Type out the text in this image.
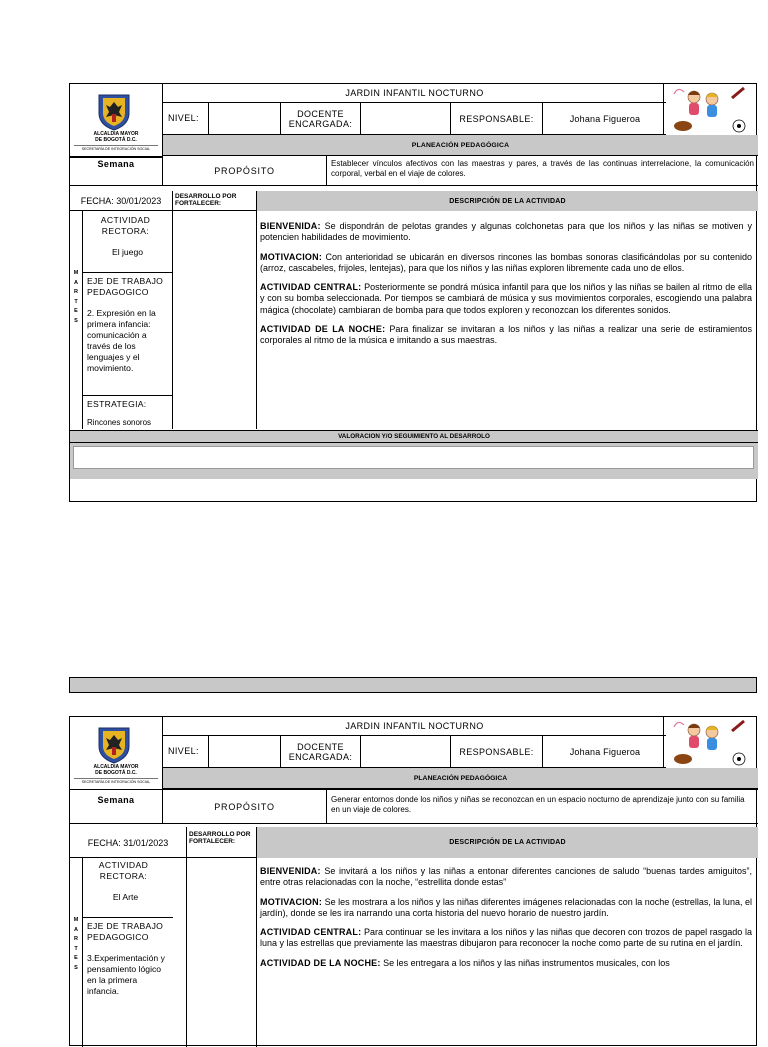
ALCALDIA MAYOR
DE BOGOTÁ D.C.
SECRETARÍA DE INTEGRACIÓN SOCIAL
JARDIN INFANTIL NOCTURNO
NIVEL:	DOCENTE ENCARGADA:	RESPONSABLE:	Johana Figueroa
PLANEACIÓN PEDAGÓGICA
Semana
PROPÓSITO
Establecer vínculos afectivos con las maestras y pares, a través de las continuas interrelacione, la comunicación corporal, verbal en el viaje de colores.
FECHA: 30/01/2023	DESARROLLO POR FORTALECER:	DESCRIPCIÓN DE LA ACTIVIDAD
M
A
R
T
E
S
ACTIVIDAD RECTORA:
El juego
EJE DE TRABAJO PEDAGOGICO
2. Expresión en la primera infancia: comunicación a través de los lenguajes y el movimiento.
ESTRATEGIA:
Rincones sonoros

BIENVENIDA: Se dispondrán de pelotas grandes y algunas colchonetas para que los niños y las niñas se motiven y potencien habilidades de movimiento.

MOTIVACION: Con anterioridad se ubicarán en diversos rincones las bombas sonoras clasificándolas por su contenido (arroz, cascabeles, frijoles, lentejas), para que los niños y las niñas exploren libremente cada uno de ellos.

ACTIVIDAD CENTRAL: Posteriormente se pondrá música infantil para que los niños y las niñas se bailen al ritmo de ella y con su bomba seleccionada. Por tiempos se cambiará de música y sus movimientos corporales, escogiendo una palabra mágica (chocolate) cambiaran de bomba para que todos exploren y reconozcan los diferentes sonidos.

ACTIVIDAD DE LA NOCHE: Para finalizar se invitaran a los niños y las niñas a realizar una serie de estiramientos corporales al ritmo de la música e imitando a sus maestras.

VALORACION Y/O SEGUIMIENTO AL DESARROLO
ALCALDIA MAYOR
DE BOGOTÁ D.C.
SECRETARÍA DE INTEGRACIÓN SOCIAL
JARDIN INFANTIL NOCTURNO
NIVEL:	DOCENTE ENCARGADA:	RESPONSABLE:	Johana Figueroa
PLANEACIÓN PEDAGÓGICA
Semana
PROPÓSITO
Generar entornos donde los niños y niñas se reconozcan en un espacio nocturno de aprendizaje junto con su familia en un viaje de colores.
FECHA: 31/01/2023
DESARROLLO POR FORTALECER:	DESCRIPCIÓN DE LA ACTIVIDAD
M
A
R
T
E
S
ACTIVIDAD RECTORA:
El Arte
EJE DE TRABAJO PEDAGOGICO
3.Experimentación y pensamiento lógico en la primera infancia.

BIENVENIDA: Se invitará a los niños y las niñas a entonar diferentes canciones de saludo “buenas tardes amiguitos”, entre otras relacionadas con la noche, “estrellita donde estas”

MOTIVACION: Se les mostrara a los niños y las niñas diferentes imágenes relacionadas con la noche (estrellas, la luna, el jardín), donde se les ira narrando una corta historia del nuevo horario de nuestro jardín.

ACTIVIDAD CENTRAL: Para continuar se les invitara a los niños y las niñas que decoren con trozos de papel rasgado la luna y las estrellas que previamente las maestras dibujaron para reconocer la noche como parte de su rutina en el jardín.

ACTIVIDAD DE LA NOCHE: Se les entregara a los niños y las niñas instrumentos musicales, con los
